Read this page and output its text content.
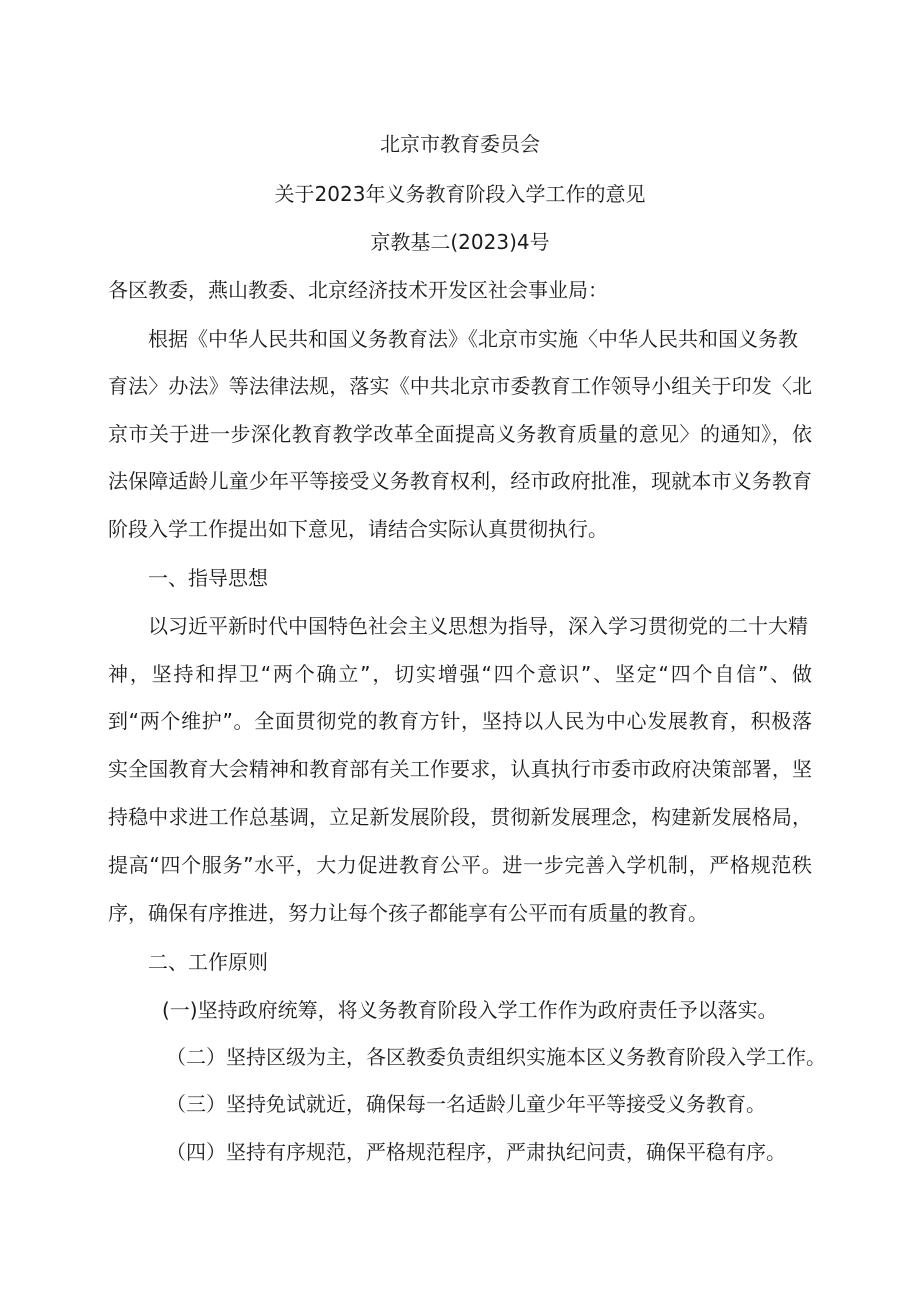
北京市教育委员会
关于2023年义务教育阶段入学工作的意见
京教基二(2023)4号
各区教委，燕山教委、北京经济技术开发区社会事业局：
根据《中华人民共和国义务教育法》《北京市实施〈中华人民共和国义务教
育法〉办法》等法律法规，落实《中共北京市委教育工作领导小组关于印发〈北
京市关于进一步深化教育教学改革全面提高义务教育质量的意见〉的通知》，依
法保障适龄儿童少年平等接受义务教育权利，经市政府批准，现就本市义务教育
阶段入学工作提出如下意见，请结合实际认真贯彻执行。
一、指导思想
以习近平新时代中国特色社会主义思想为指导，深入学习贯彻党的二十大精
神，坚持和捍卫“两个确立”，切实增强“四个意识”、坚定“四个自信”、做
到“两个维护”。全面贯彻党的教育方针，坚持以人民为中心发展教育，积极落
实全国教育大会精神和教育部有关工作要求，认真执行市委市政府决策部署，坚
持稳中求进工作总基调，立足新发展阶段，贯彻新发展理念，构建新发展格局，
提高“四个服务”水平，大力促进教育公平。进一步完善入学机制，严格规范秩
序，确保有序推进，努力让每个孩子都能享有公平而有质量的教育。
二、工作原则
(一)坚持政府统筹，将义务教育阶段入学工作作为政府责任予以落实。
（二）坚持区级为主，各区教委负责组织实施本区义务教育阶段入学工作。
（三）坚持免试就近，确保每一名适龄儿童少年平等接受义务教育。
（四）坚持有序规范，严格规范程序，严肃执纪问责，确保平稳有序。
